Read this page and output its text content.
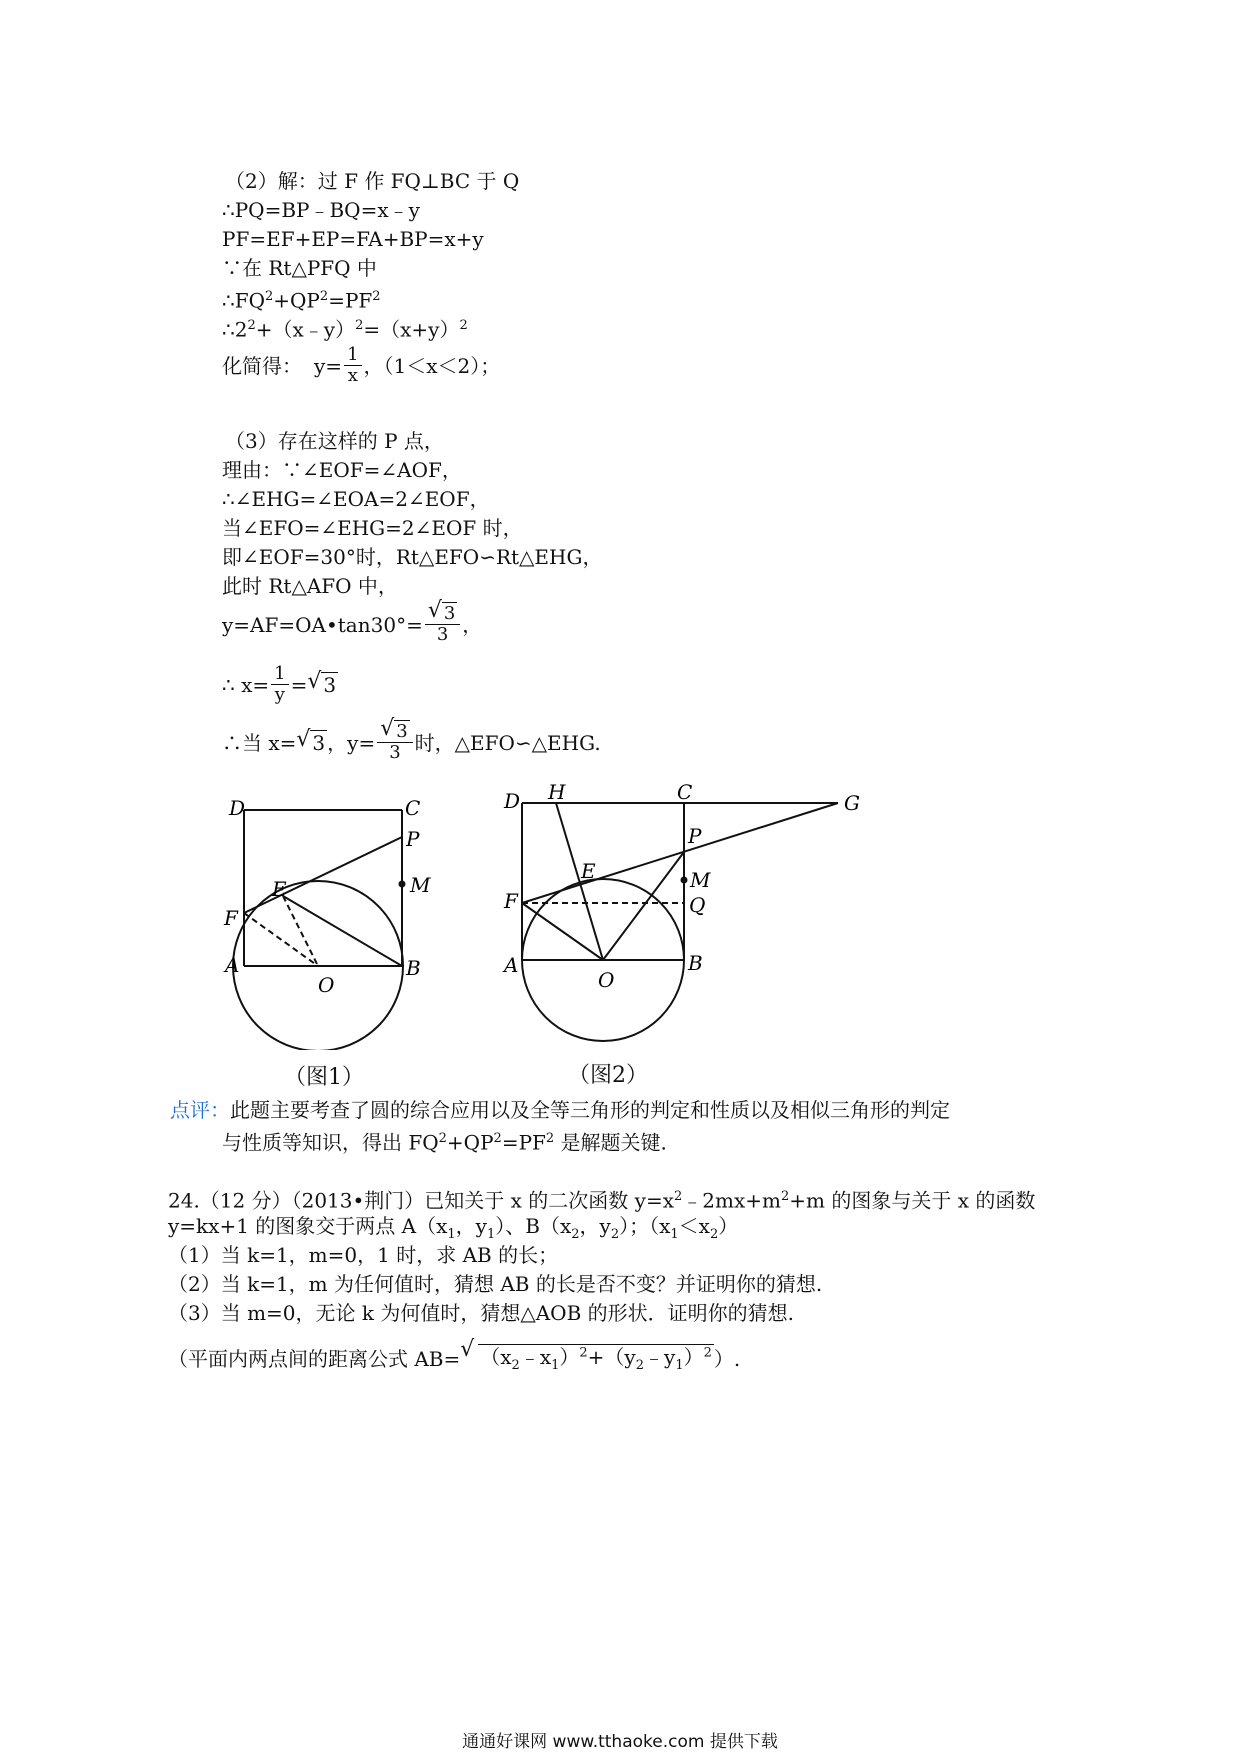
（2）解：过 F 作 FQ⊥BC 于 Q
∴PQ=BP﹣BQ=x﹣y
PF=EF+EP=FA+BP=x+y
∵在 Rt△PFQ 中
$\therefore FQ^2+QP^2=PF^2$
$\therefore 2^2+(x﹣y)^2=(x+y)^2$
化简得： $y= \frac{1}{x}$ ，（1＜x＜2）；
（3）存在这样的 P 点，
理由：∵∠EOF=∠AOF，
∴∠EHG=∠EOA=2∠EOF，
当∠EFO=∠EHG=2∠EOF 时，
即∠EOF=30°时，Rt△EFO∽Rt△EHG，
此时 Rt△AFO 中，
y=AF=OA•tan30°= √ $\frac{3}{3}$ ，
∴ $x= \frac{1}{y}$ = √ 3
∴当 x= √ 3 ，y= √ $\frac{3}{3}$ 时，△EFO∽△EHG.
D	C
P
M
E
F
A	B
O
D H	C	G
P
M
Q
E
F
A	B
O
（图1）	（图2）
点评：此题主要考查了圆的综合应用以及全等三角形的判定和性质以及相似三角形的判定
与性质等知识，得出 $FQ^2+QP^2=PF^2$ 是解题关键.
24.（12 分）（2013•荆门）已知关于 x 的二次函数 $y=x^2﹣2mx+m^2+m$ 的图象与关于 x 的函数
y=kx+1 的图象交于两点 $A(x_1$，$y_1$）、$B(x_2$，$y_2$）；$(x_1<x_2)$
（1）当 k=1，m=0，1 时，求 AB 的长；
（2）当 k=1，m 为任何值时，猜想 AB 的长是否不变？并证明你的猜想.
（3）当 m=0，无论 k 为何值时，猜想△AOB 的形状．证明你的猜想.
（平面内两点间的距离公式 AB=	√ $(x_2﹣x_1)^2+(y_2﹣y_1)^2$ ）.
通通好课网 www.tthaoke.com 提供下载
